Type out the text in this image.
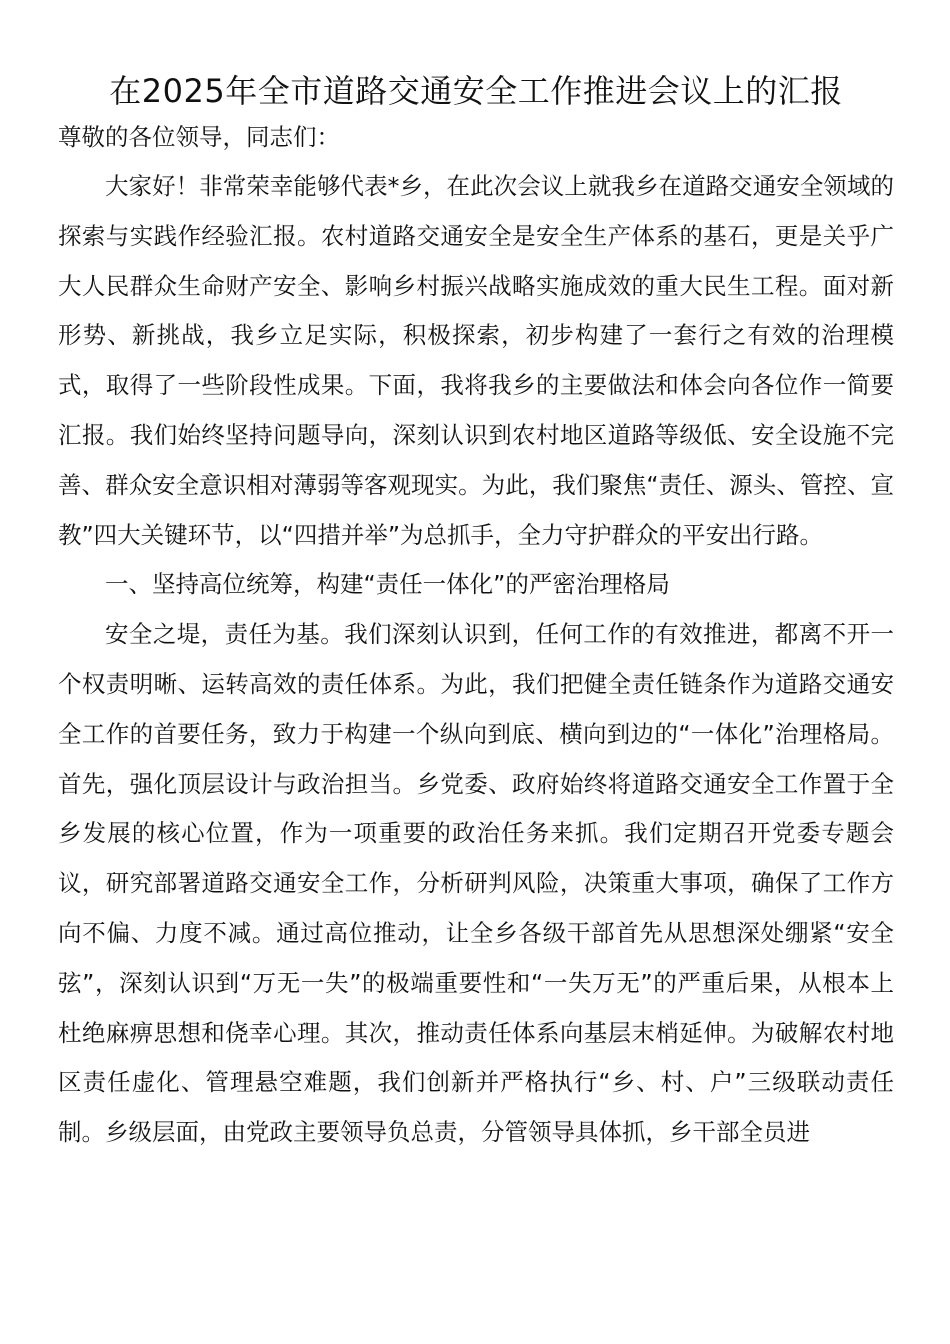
在2025年全市道路交通安全工作推进会议上的汇报

尊敬的各位领导，同志们：

大家好！非常荣幸能够代表*乡，在此次会议上就我乡在道路交通安全领域的探索与实践作经验汇报。农村道路交通安全是安全生产体系的基石，更是关乎广大人民群众生命财产安全、影响乡村振兴战略实施成效的重大民生工程。面对新形势、新挑战，我乡立足实际，积极探索，初步构建了一套行之有效的治理模式，取得了一些阶段性成果。下面，我将我乡的主要做法和体会向各位作一简要汇报。我们始终坚持问题导向，深刻认识到农村地区道路等级低、安全设施不完善、群众安全意识相对薄弱等客观现实。为此，我们聚焦“责任、源头、管控、宣教”四大关键环节，以“四措并举”为总抓手，全力守护群众的平安出行路。

一、坚持高位统筹，构建“责任一体化”的严密治理格局

安全之堤，责任为基。我们深刻认识到，任何工作的有效推进，都离不开一个权责明晰、运转高效的责任体系。为此，我们把健全责任链条作为道路交通安全工作的首要任务，致力于构建一个纵向到底、横向到边的“一体化”治理格局。首先，强化顶层设计与政治担当。乡党委、政府始终将道路交通安全工作置于全乡发展的核心位置，作为一项重要的政治任务来抓。我们定期召开党委专题会议，研究部署道路交通安全工作，分析研判风险，决策重大事项，确保了工作方向不偏、力度不减。通过高位推动，让全乡各级干部首先从思想深处绷紧“安全弦”，深刻认识到“万无一失”的极端重要性和“一失万无”的严重后果，从根本上杜绝麻痹思想和侥幸心理。其次，推动责任体系向基层末梢延伸。为破解农村地区责任虚化、管理悬空难题，我们创新并严格执行“乡、村、户”三级联动责任制。乡级层面，由党政主要领导负总责，分管领导具体抓，乡干部全员进
